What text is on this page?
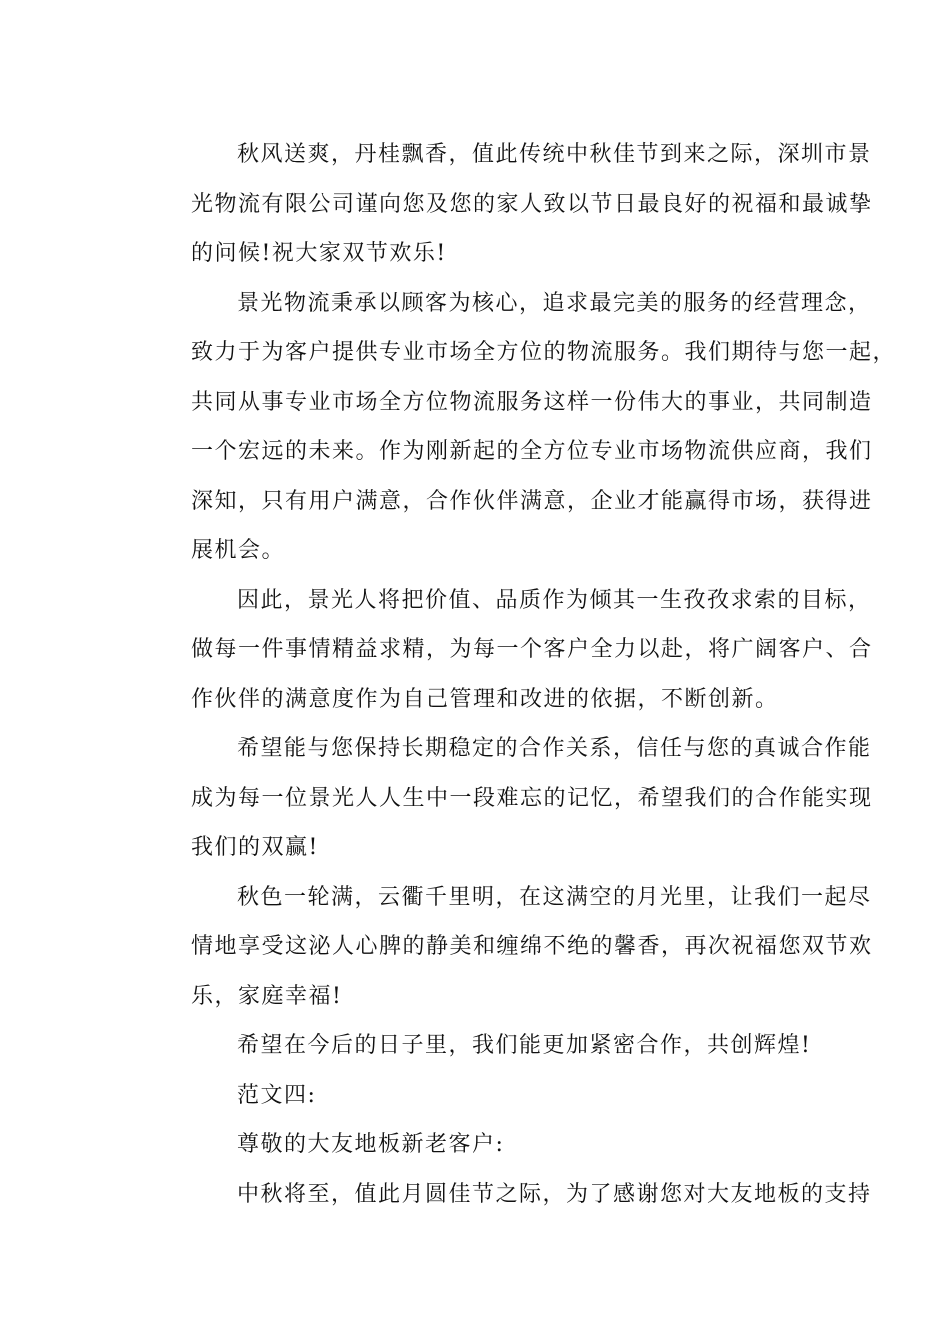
秋风送爽，丹桂飘香，值此传统中秋佳节到来之际，深圳市景
光物流有限公司谨向您及您的家人致以节日最良好的祝福和最诚挚
的问候!祝大家双节欢乐!
景光物流秉承以顾客为核心，追求最完美的服务的经营理念，
致力于为客户提供专业市场全方位的物流服务。我们期待与您一起，
共同从事专业市场全方位物流服务这样一份伟大的事业，共同制造
一个宏远的未来。作为刚新起的全方位专业市场物流供应商，我们
深知，只有用户满意，合作伙伴满意，企业才能赢得市场，获得进
展机会。
因此，景光人将把价值、品质作为倾其一生孜孜求索的目标，
做每一件事情精益求精，为每一个客户全力以赴，将广阔客户、合
作伙伴的满意度作为自己管理和改进的依据，不断创新。
希望能与您保持长期稳定的合作关系，信任与您的真诚合作能
成为每一位景光人人生中一段难忘的记忆，希望我们的合作能实现
我们的双赢!
秋色一轮满，云衢千里明，在这满空的月光里，让我们一起尽
情地享受这泌人心脾的静美和缠绵不绝的馨香，再次祝福您双节欢
乐，家庭幸福!
希望在今后的日子里，我们能更加紧密合作，共创辉煌!
范文四:
尊敬的大友地板新老客户:
中秋将至，值此月圆佳节之际，为了感谢您对大友地板的支持
